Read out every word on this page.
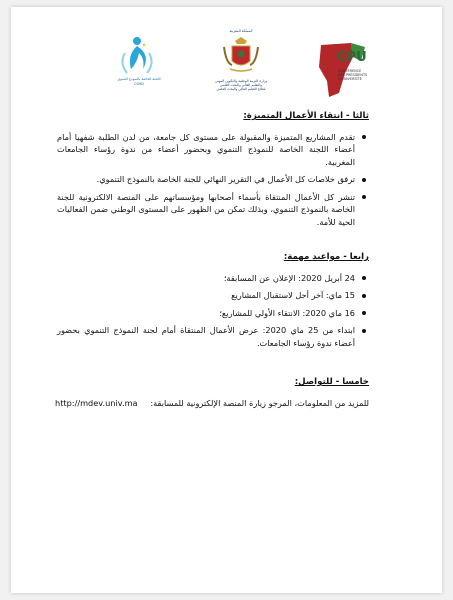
CPU
CONFÉRENCE
DES PRÉSIDENTS
D'UNIVERSITÉ
المملكة المغربية
وزارة التربية الوطنية والتكوين المهني
والتعليم العالي والبحث العلمي
قطاع التعليم العالي والبحث العلمي
اللجنة الخاصة بالنموذج التنموي
CSMD
ثالثا - انتقاء الأعمال المتميزة:
تقدم المشاريع المتميزة والمقبولة على مستوى كل جامعة، من لدن الطلبة شفهيا أمام أعضاء اللجنة الخاصة للنموذج التنموي وبحضور أعضاء من ندوة رؤساء الجامعات المغربية.
ترفق خلاصات كل الأعمال في التقرير النهائي للجنة الخاصة بالنموذج التنموي.
تنشر كل الأعمال المنتقاة بأسماء أصحابها ومؤسساتهم على المنصة الالكترونية للجنة الخاصة بالنموذج التنموي، وبذلك تمكن من الظهور على المستوى الوطني ضمن الفعاليات الحية للأمة.
رابعا - مواعيد مهمة:
24 أبريل 2020: الإعلان عن المسابقة؛
15 ماي: آخر أجل لاستقبال المشاريع
16 ماي 2020: الانتقاء الأولي للمشاريع؛
ابتداء من 25 ماي 2020: عرض الأعمال المنتقاة أمام لجنة النموذج التنموي بحضور أعضاء ندوة رؤساء الجامعات.
خامسا - للتواصل:
للمزيد من المعلومات، المرجو زيارة المنصة الإلكترونية للمسابقة:
http://mdev.univ.ma
